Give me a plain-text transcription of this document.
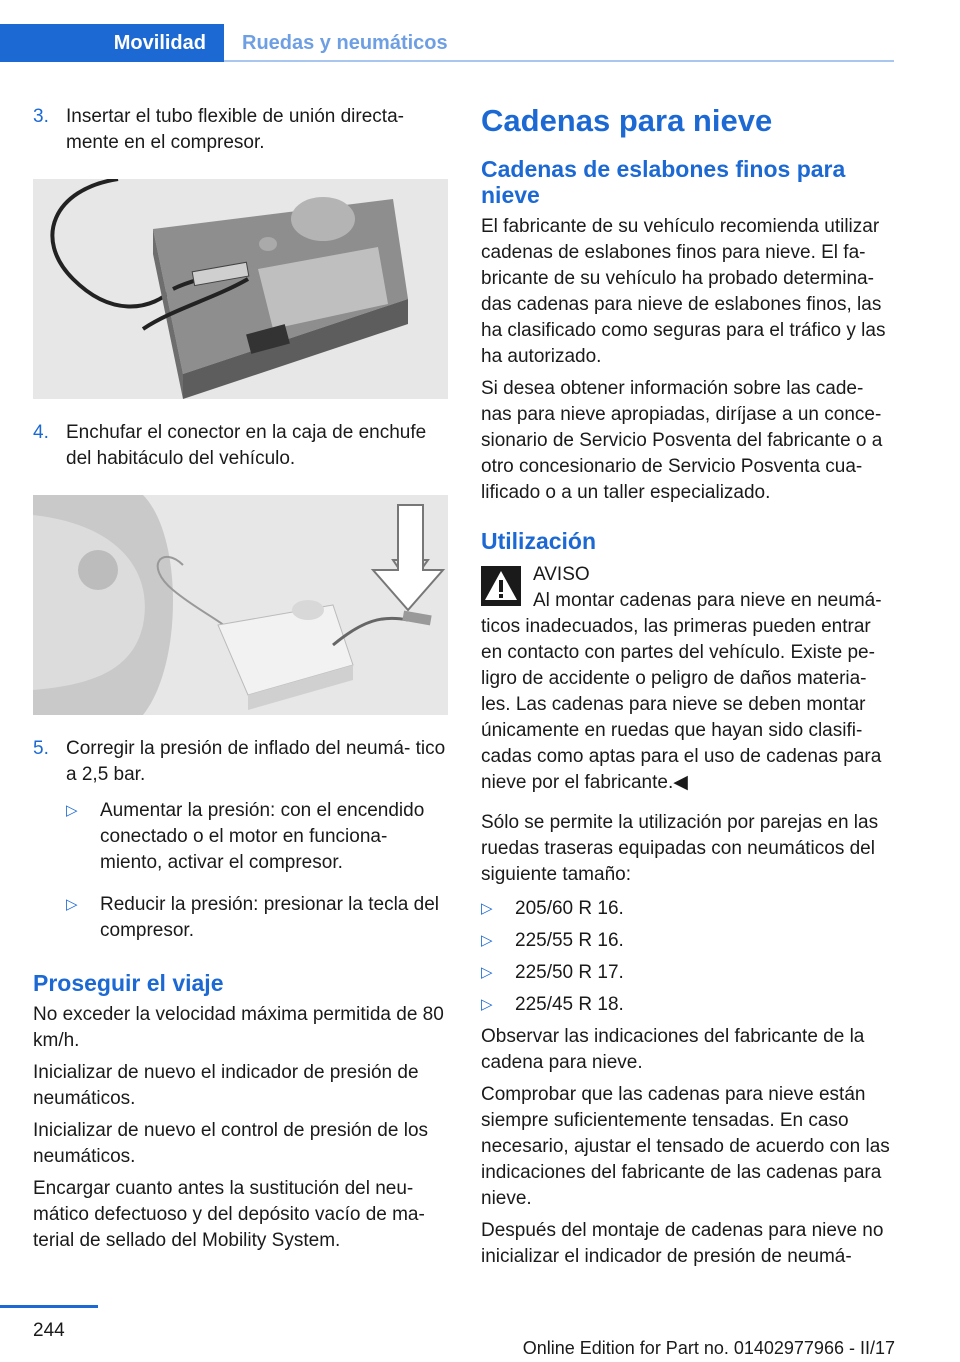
Movilidad	Ruedas y neumáticos
3. Insertar el tubo flexible de unión directa‐ mente en el compresor.
4. Enchufar el conector en la caja de enchufe del habitáculo del vehículo.
5. Corregir la presión de inflado del neumá‐ tico a 2,5 bar.
▷	Aumentar la presión: con el encendido conectado o el motor en funciona‐ miento, activar el compresor.
▷	Reducir la presión: presionar la tecla del compresor.
Proseguir el viaje

No exceder la velocidad máxima permitida de 80 km/h.

Inicializar de nuevo el indicador de presión de neumáticos.

Inicializar de nuevo el control de presión de los neumáticos.

Encargar cuanto antes la sustitución del neu‐ mático defectuoso y del depósito vacío de ma‐ terial de sellado del Mobility System.

Cadenas para nieve
Cadenas de eslabones finos para nieve

El fabricante de su vehículo recomienda utilizar cadenas de eslabones finos para nieve. El fa‐ bricante de su vehículo ha probado determina‐ das cadenas para nieve de eslabones finos, las ha clasificado como seguras para el tráfico y las ha autorizado.

Si desea obtener información sobre las cade‐ nas para nieve apropiadas, diríjase a un conce‐ sionario de Servicio Posventa del fabricante o a otro concesionario de Servicio Posventa cua‐ lificado o a un taller especializado.

Utilización

AVISO

Al montar cadenas para nieve en neumá‐ ticos inadecuados, las primeras pueden entrar en contacto con partes del vehículo. Existe pe‐ ligro de accidente o peligro de daños materia‐ les. Las cadenas para nieve se deben montar únicamente en ruedas que hayan sido clasifi‐ cadas como aptas para el uso de cadenas para nieve por el fabricante.◀

Sólo se permite la utilización por parejas en las ruedas traseras equipadas con neumáticos del siguiente tamaño:

▷	205/60 R 16.
▷	225/55 R 16.
▷	225/50 R 17.
▷	225/45 R 18.

Observar las indicaciones del fabricante de la cadena para nieve.

Comprobar que las cadenas para nieve están siempre suficientemente tensadas. En caso necesario, ajustar el tensado de acuerdo con las indicaciones del fabricante de las cadenas para nieve.

Después del montaje de cadenas para nieve no inicializar el indicador de presión de neumá‐

244
Online Edition for Part no. 01402977966 - II/17
